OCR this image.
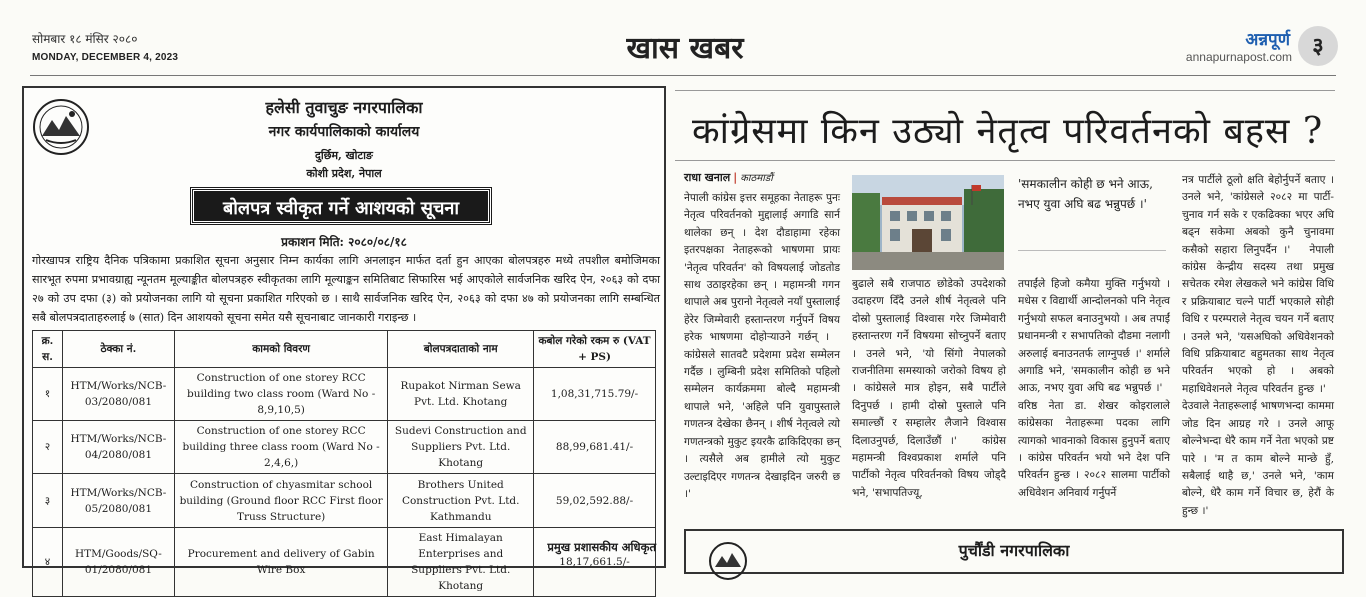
सोमबार १८ मंसिर २०८०
MONDAY, DECEMBER 4, 2023	खास खबर	अन्नपूर्ण
annapurnapost.com ३
हलेसी तुवाचुङ नगरपालिका
नगर कार्यपालिकाको कार्यालय
दुर्छिम, खोटाङ
कोशी प्रदेश, नेपाल
बोलपत्र स्वीकृत गर्ने आशयको सूचना
प्रकाशन मिति: २०८०/०८/१८
गोरखापत्र राष्ट्रिय दैनिक पत्रिकामा प्रकाशित सूचना अनुसार निम्न कार्यका लागि अनलाइन मार्फत दर्ता हुन आएका बोलपत्रहरु मध्ये तपशील बमोजिमका सारभूत रुपमा प्रभावग्राह्य न्यूनतम मूल्याङ्कीत बोलपत्रहरु स्वीकृतका लागि मूल्याङ्कन समितिबाट सिफारिस भई आएकोले सार्वजनिक खरिद ऐन, २०६३ को दफा २७ को उप दफा (३) को प्रयोजनका लागि यो सूचना प्रकाशित गरिएको छ । साथै सार्वजनिक खरिद ऐन, २०६३ को दफा ४७ को प्रयोजनका लागि सम्बन्धित सबै बोलपत्रदाताहरुलाई ७ (सात) दिन आशयको सूचना समेत यसै सूचनाबाट जानकारी गराइन्छ ।
क्र. स.	ठेक्का नं.	कामको विवरण	बोलपत्रदाताको नाम	कबोल गरेको रकम रु (VAT + PS)
१	HTM/Works/NCB-03/2080/081	Construction of one storey RCC building two class room (Ward No - 8,9,10,5)	Rupakot Nirman Sewa Pvt. Ltd. Khotang	1,08,31,715.79/-
२	HTM/Works/NCB-04/2080/081	Construction of one storey RCC building three class room (Ward No - 2,4,6,)	Sudevi Construction and Suppliers Pvt. Ltd. Khotang	88,99,681.41/-
३	HTM/Works/NCB-05/2080/081	Construction of chyasmitar school building (Ground floor RCC First floor Truss Structure)	Brothers United Construction Pvt. Ltd. Kathmandu	59,02,592.88/-
४	HTM/Goods/SQ-01/2080/081	Procurement and delivery of Gabin Wire Box	East Himalayan Enterprises and Suppliers Pvt. Ltd. Khotang	18,17,661.5/-
प्रमुख प्रशासकीय अधिकृत
कांग्रेसमा किन उठ्यो नेतृत्व परिवर्तनको बहस ?
राधा खनाल | काठमाडौं
नेपाली कांग्रेस इत्तर समूहका नेताहरू पुनः नेतृत्व परिवर्तनको मुद्दालाई अगाडि सार्न थालेका छन् । देश दौडाहामा रहेका इतरपक्षका नेताहरूको भाषणमा प्रायः 'नेतृत्व परिवर्तन' को विषयलाई जोडतोड साथ उठाइरहेका छन् । महामन्त्री गगन थापाले अब पुरानो नेतृत्वले नयाँ पुस्तालाई हेरेर जिम्मेवारी हस्तान्तरण गर्नुपर्ने विषय हरेक भाषणमा दोहोर्‍याउने गर्छन् ।   कांग्रेसले सातवटै प्रदेशमा प्रदेश सम्मेलन गर्दैछ । लुम्बिनी प्रदेश समितिको पहिलो सम्मेलन कार्यक्रममा बोल्दै महामन्त्री थापाले भने, 'अहिले पनि युवापुस्ताले गणतन्त्र देखेका छैनन् । शीर्ष नेतृत्वले त्यो गणतन्त्रको मुकुट इयरकै ढाकिदिएका छन् । त्यसैले अब हामीले त्यो मुकुट उल्टाइदिएर गणतन्त्र देखाइदिन जरुरी छ ।'
बुढाले सबै राजपाठ छोडेको उपदेशको उदाहरण दिँदै उनले शीर्ष नेतृत्वले पनि दोस्रो पुस्तालाई विश्वास गरेर जिम्मेवारी हस्तान्तरण गर्ने विषयमा सोच्नुपर्ने बताए । उनले भने, 'यो सिंगो नेपालको राजनीतिमा समस्याको जरोको विषय हो । कांग्रेसले मात्र होइन, सबै पार्टीले दिनुपर्छ । हामी दोस्रो पुस्ताले पनि समाल्छौं र सम्हालेर लैजाने विश्वास दिलाउनुपर्छ, दिलाउँछौं ।'   कांग्रेस महामन्त्री विश्वप्रकाश शर्माले पनि पार्टीको नेतृत्व परिवर्तनको विषय जोड्दै भने, 'सभापतिज्यू,
'समकालीन कोही छ भने आऊ, नभए युवा अघि बढ भन्नुपर्छ ।'
तपाईंले हिजो कमैया मुक्ति गर्नुभयो । मधेस र विद्यार्थी आन्दोलनको पनि नेतृत्व गर्नुभयो सफल बनाउनुभयो । अब तपाईं प्रधानमन्त्री र सभापतिको दौडमा नलागी अरुलाई बनाउनतर्फ लाग्नुपर्छ ।' शर्माले अगाडि भने, 'समकालीन कोही छ भने आऊ, नभए युवा अघि बढ भन्नुपर्छ ।'   वरिष्ठ नेता डा. शेखर कोइरालाले कांग्रेसका नेताहरूमा पदका लागि त्यागको भावनाको विकास हुनुपर्ने बताए । कांग्रेस परिवर्तन भयो भने देश पनि परिवर्तन हुन्छ । २०८२ सालमा पार्टीको अधिवेशन अनिवार्य गर्नुपर्ने
नत्र पार्टीले ठूलो क्षति बेहोर्नुपर्ने बताए । उनले भने, 'कांग्रेसले २०८२ मा पार्टी-चुनाव गर्न सके र एकढिक्का भएर अघि बढ्न सकेमा अबको कुनै चुनावमा कसैको सहारा लिनुपर्दैन ।'   नेपाली कांग्रेस केन्द्रीय सदस्य तथा प्रमुख सचेतक रमेश लेखकले भने कांग्रेस विधि र प्रक्रियाबाट चल्ने पार्टी भएकाले सोही विधि र परम्पराले नेतृत्व चयन गर्ने बताए । उनले भने, 'यसअघिको अधिवेशनको विधि प्रक्रियाबाट बहुमतका साथ नेतृत्व परिवर्तन भएको हो । अबको महाधिवेशनले नेतृत्व परिवर्तन हुन्छ ।'   देउवाले नेताहरूलाई भाषणभन्दा काममा जोड दिन आग्रह गरे । उनले आफू बोल्नेभन्दा धेरै काम गर्ने नेता भएको प्रष्ट पारे । 'म त काम बोल्ने मान्छे हुँ, सबैलाई थाहै छ,' उनले भने, 'काम बोल्ने, धेरै काम गर्ने विचार छ, हेरौं के हुन्छ ।'
पुर्चौंडी नगरपालिका
